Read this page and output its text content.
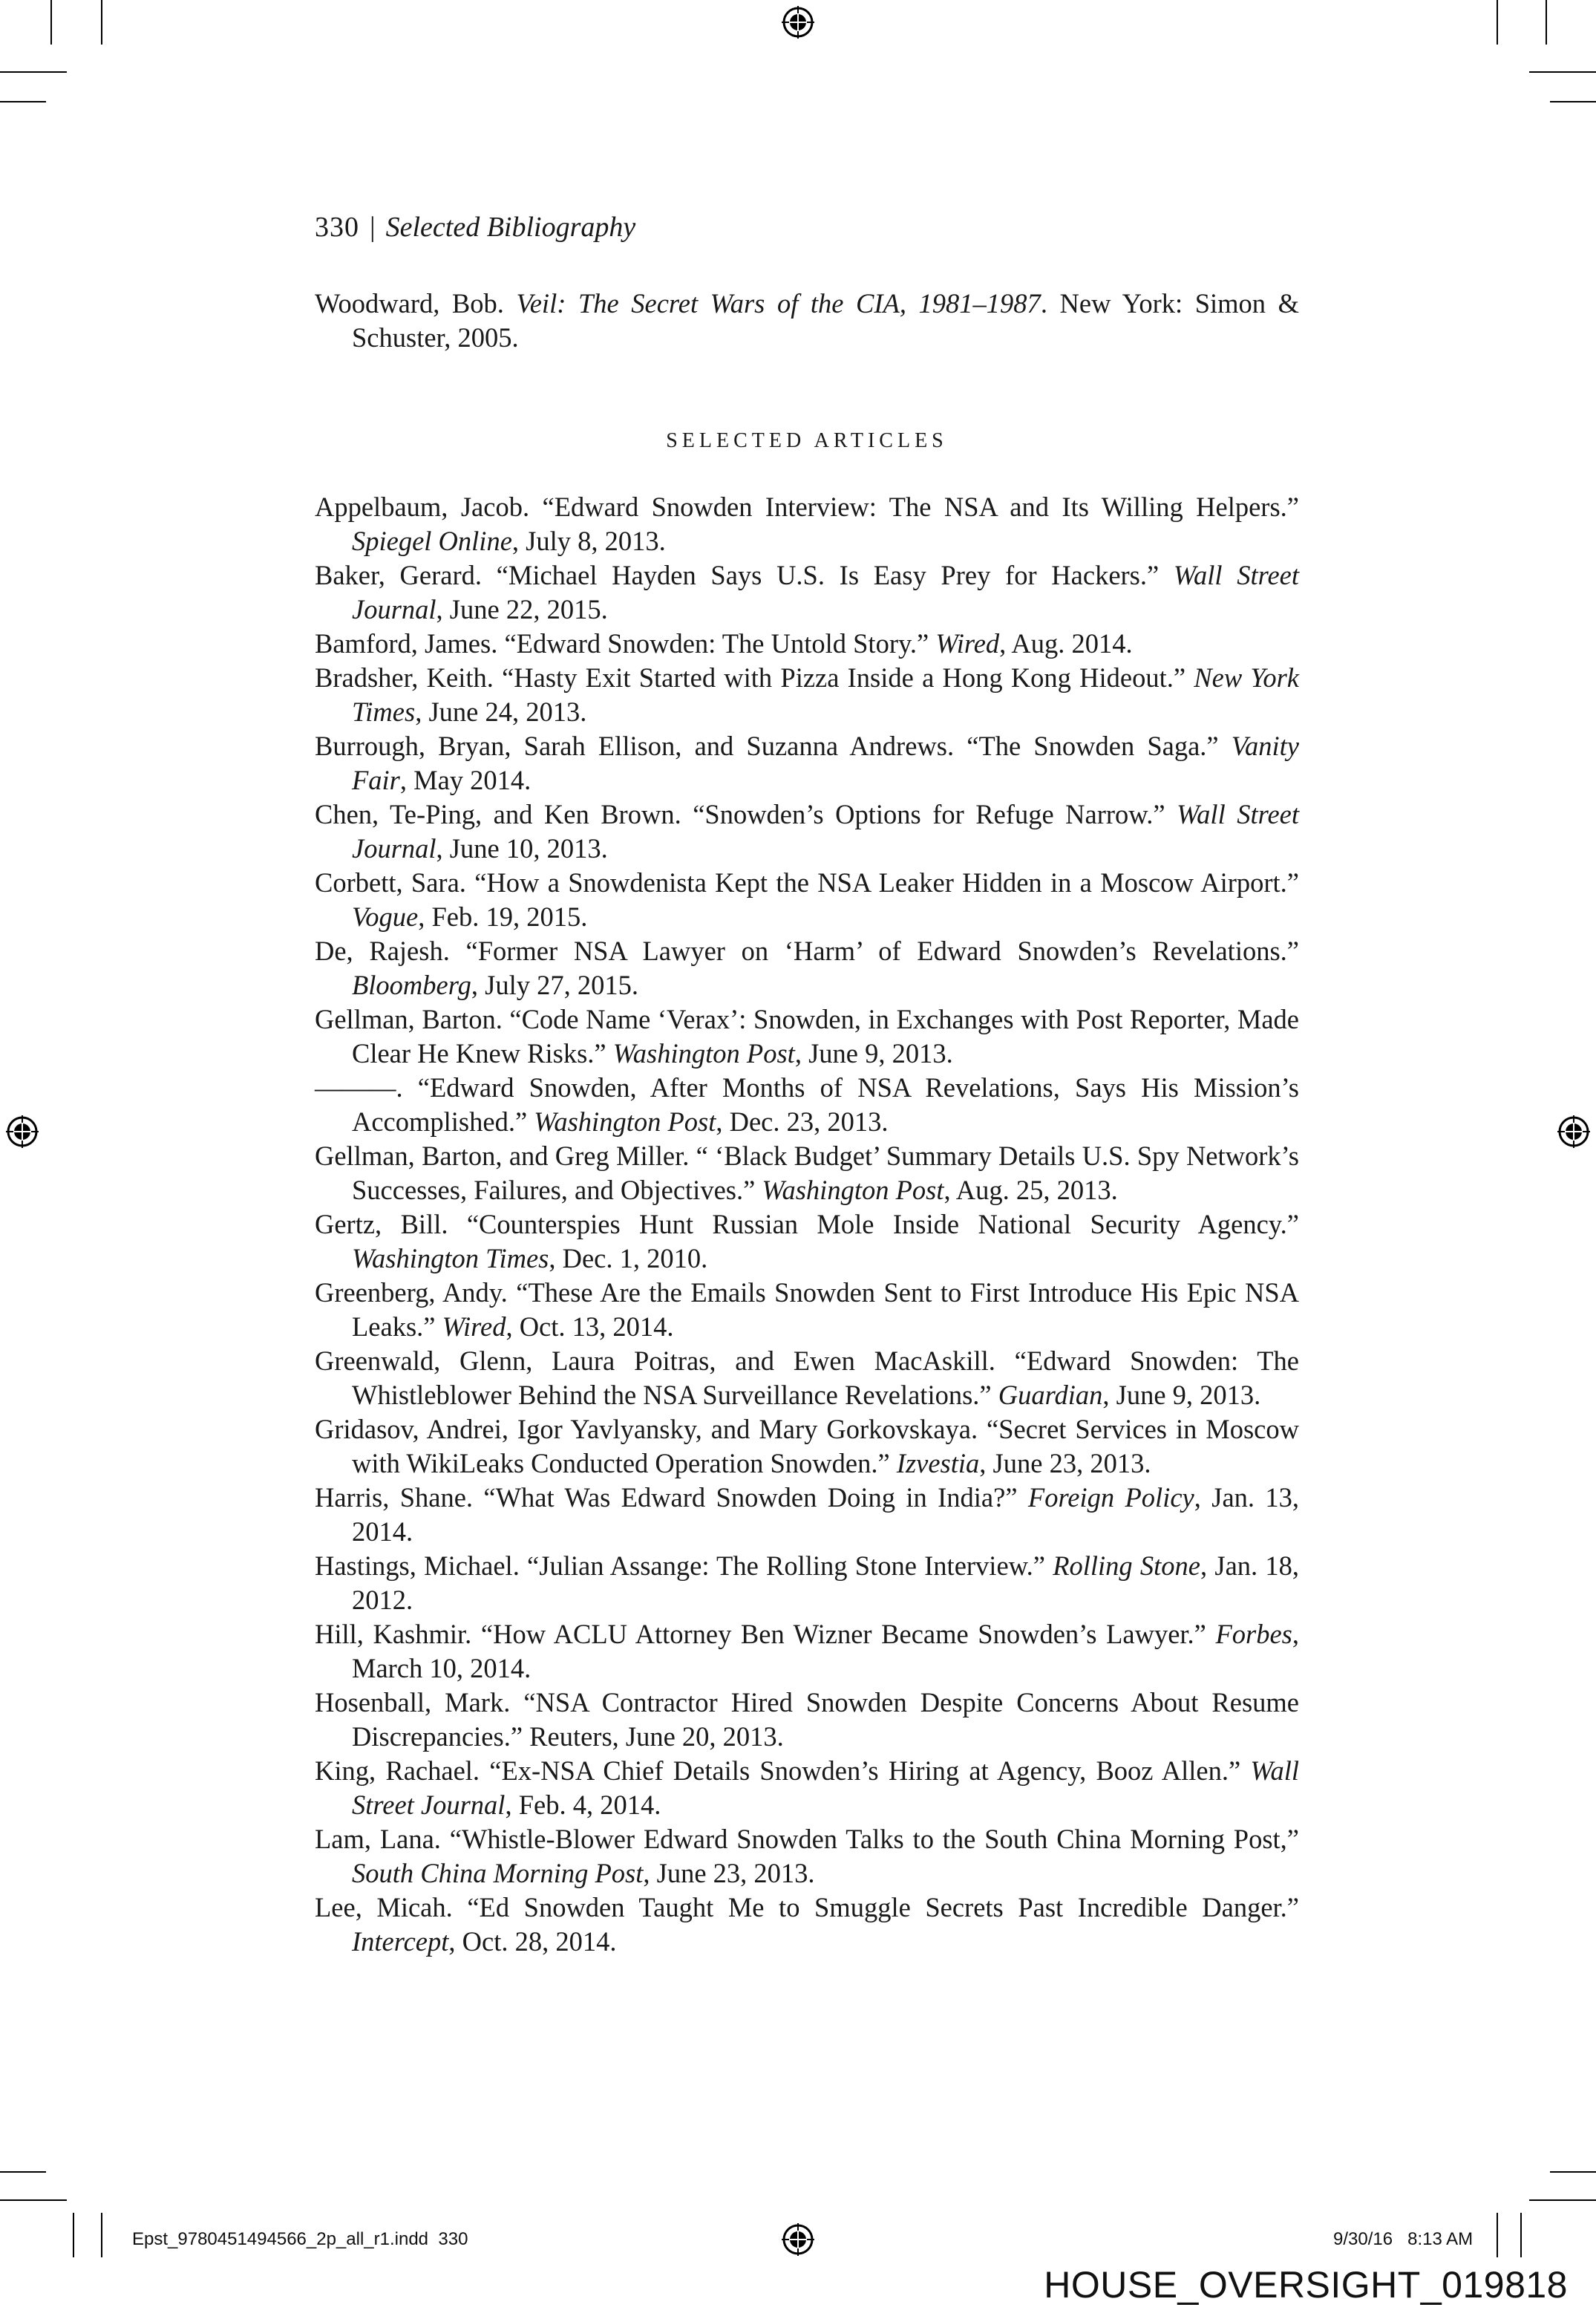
330 | Selected Bibliography

Woodward, Bob. Veil: The Secret Wars of the CIA, 1981–1987. New York: Simon & Schuster, 2005.

SELECTED ARTICLES

Appelbaum, Jacob. “Edward Snowden Interview: The NSA and Its Willing Helpers.” Spiegel Online, July 8, 2013.

Baker, Gerard. “Michael Hayden Says U.S. Is Easy Prey for Hackers.” Wall Street Journal, June 22, 2015.

Bamford, James. “Edward Snowden: The Untold Story.” Wired, Aug. 2014.

Bradsher, Keith. “Hasty Exit Started with Pizza Inside a Hong Kong Hideout.” New York Times, June 24, 2013.

Burrough, Bryan, Sarah Ellison, and Suzanna Andrews. “The Snowden Saga.” Vanity Fair, May 2014.

Chen, Te-Ping, and Ken Brown. “Snowden’s Options for Refuge Narrow.” Wall Street Journal, June 10, 2013.

Corbett, Sara. “How a Snowdenista Kept the NSA Leaker Hidden in a Moscow Airport.” Vogue, Feb. 19, 2015.

De, Rajesh. “Former NSA Lawyer on ‘Harm’ of Edward Snowden’s Revelations.” Bloomberg, July 27, 2015.

Gellman, Barton. “Code Name ‘Verax’: Snowden, in Exchanges with Post Reporter, Made Clear He Knew Risks.” Washington Post, June 9, 2013.

———. “Edward Snowden, After Months of NSA Revelations, Says His Mission’s Accomplished.” Washington Post, Dec. 23, 2013.

Gellman, Barton, and Greg Miller. “ ‘Black Budget’ Summary Details U.S. Spy Network’s Successes, Failures, and Objectives.” Washington Post, Aug. 25, 2013.

Gertz, Bill. “Counterspies Hunt Russian Mole Inside National Security Agency.” Washington Times, Dec. 1, 2010.

Greenberg, Andy. “These Are the Emails Snowden Sent to First Introduce His Epic NSA Leaks.” Wired, Oct. 13, 2014.

Greenwald, Glenn, Laura Poitras, and Ewen MacAskill. “Edward Snowden: The Whistleblower Behind the NSA Surveillance Revelations.” Guardian, June 9, 2013.

Gridasov, Andrei, Igor Yavlyansky, and Mary Gorkovskaya. “Secret Services in Moscow with WikiLeaks Conducted Operation Snowden.” Izvestia, June 23, 2013.

Harris, Shane. “What Was Edward Snowden Doing in India?” Foreign Policy, Jan. 13, 2014.

Hastings, Michael. “Julian Assange: The Rolling Stone Interview.” Rolling Stone, Jan. 18, 2012.

Hill, Kashmir. “How ACLU Attorney Ben Wizner Became Snowden’s Lawyer.” Forbes, March 10, 2014.

Hosenball, Mark. “NSA Contractor Hired Snowden Despite Concerns About Resume Discrepancies.” Reuters, June 20, 2013.

King, Rachael. “Ex-NSA Chief Details Snowden’s Hiring at Agency, Booz Allen.” Wall Street Journal, Feb. 4, 2014.

Lam, Lana. “Whistle-Blower Edward Snowden Talks to the South China Morning Post,” South China Morning Post, June 23, 2013.

Lee, Micah. “Ed Snowden Taught Me to Smuggle Secrets Past Incredible Danger.” Intercept, Oct. 28, 2014.

Epst_9780451494566_2p_all_r1.indd 330	9/30/16 8:13 AM
HOUSE_OVERSIGHT_019818
